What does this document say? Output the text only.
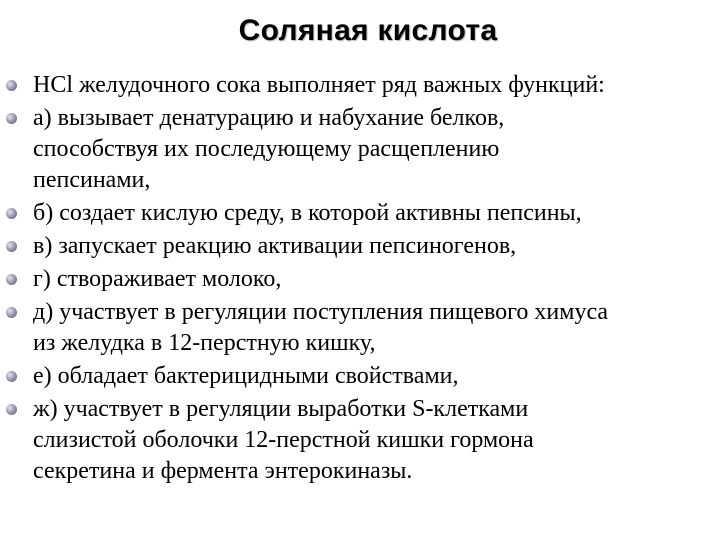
Соляная кислота
HCl желудочного сока выполняет ряд важных функций:
а) вызывает денатурацию и набухание белков,
способствуя их последующему расщеплению
пепсинами,
б) создает кислую среду, в которой активны пепсины,
в) запускает реакцию активации пепсиногенов,
г) створаживает молоко,
д) участвует в регуляции поступления пищевого химуса
из желудка в 12-перстную кишку,
е) обладает бактерицидными свойствами,
ж) участвует в регуляции выработки S-клетками
слизистой оболочки 12-перстной кишки гормона
секретина и фермента энтерокиназы.
